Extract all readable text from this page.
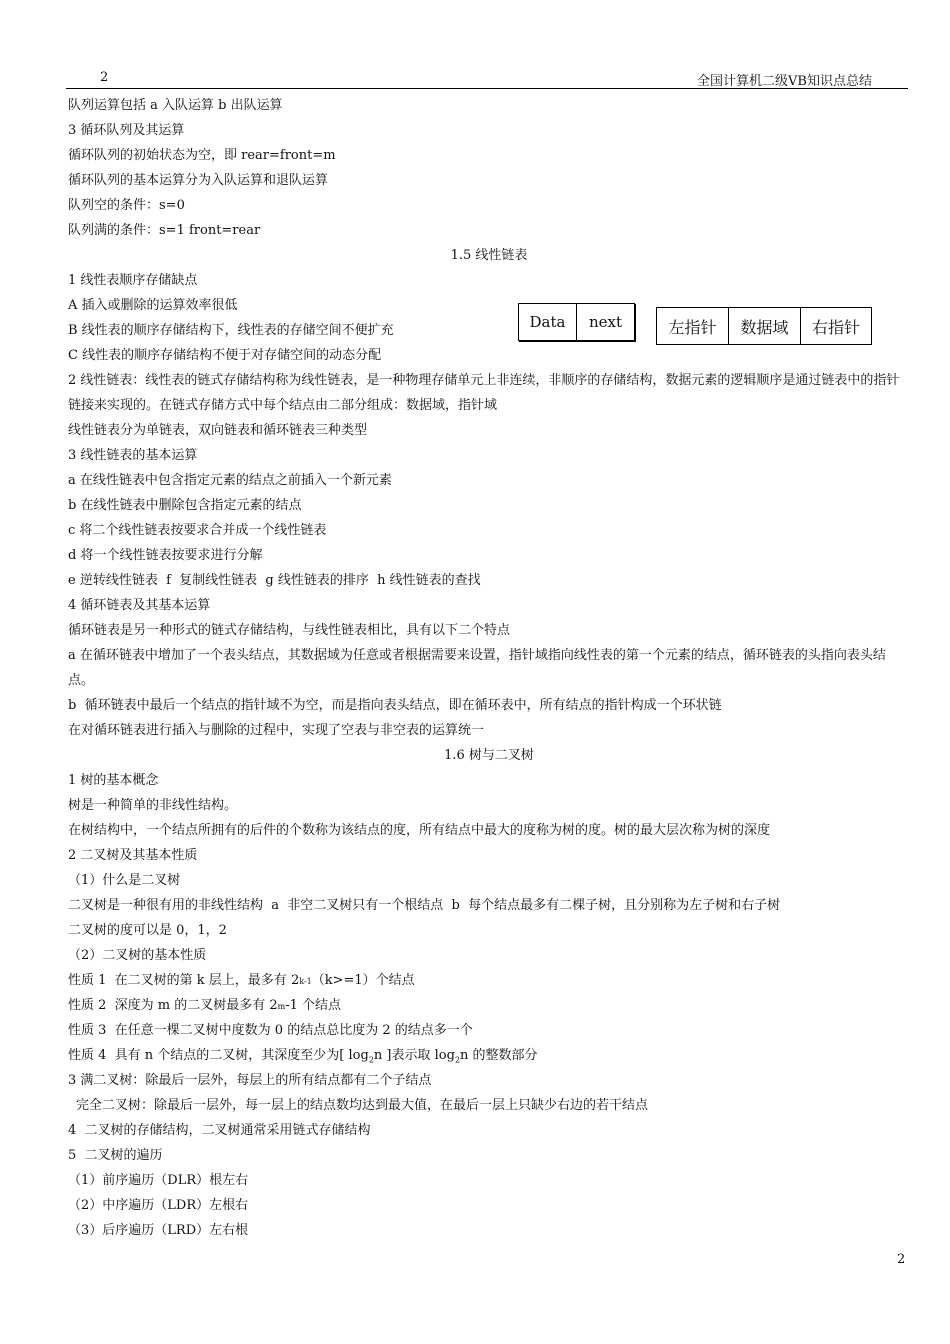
2	全国计算机二级VB知识点总结
队列运算包括 a 入队运算 b 出队运算
3 循环队列及其运算
循环队列的初始状态为空，即 rear=front=m
循环队列的基本运算分为入队运算和退队运算
队列空的条件：s=0
队列满的条件：s=1 front=rear
1.5 线性链表
1 线性表顺序存储缺点
A 插入或删除的运算效率很低
B 线性表的顺序存储结构下，线性表的存储空间不便扩充
C 线性表的顺序存储结构不便于对存储空间的动态分配
2 线性链表：线性表的链式存储结构称为线性链表，是一种物理存储单元上非连续，非顺序的存储结构，数据元素的逻辑顺序是通过链表中的指针链接来实现的。在链式存储方式中每个结点由二部分组成：数据域，指针域
线性链表分为单链表，双向链表和循环链表三种类型
3 线性链表的基本运算
a 在线性链表中包含指定元素的结点之前插入一个新元素
b 在线性链表中删除包含指定元素的结点
c 将二个线性链表按要求合并成一个线性链表
d 将一个线性链表按要求进行分解
e 逆转线性链表  f  复制线性链表  g 线性链表的排序  h 线性链表的查找
4 循环链表及其基本运算
循环链表是另一种形式的链式存储结构，与线性链表相比，具有以下二个特点
a 在循环链表中增加了一个表头结点，其数据域为任意或者根据需要来设置，指针域指向线性表的第一个元素的结点，循环链表的头指向表头结点。
b  循环链表中最后一个结点的指针域不为空，而是指向表头结点，即在循环表中，所有结点的指针构成一个环状链
在对循环链表进行插入与删除的过程中，实现了空表与非空表的运算统一
1.6 树与二叉树
1 树的基本概念
树是一种简单的非线性结构。
在树结构中，一个结点所拥有的后件的个数称为该结点的度，所有结点中最大的度称为树的度。树的最大层次称为树的深度
2 二叉树及其基本性质
（1）什么是二叉树
二叉树是一种很有用的非线性结构  a  非空二叉树只有一个根结点  b  每个结点最多有二棵子树，且分别称为左子树和右子树
二叉树的度可以是 0，1，2
（2）二叉树的基本性质
性质 1  在二叉树的第 k 层上，最多有 2k-1（k>=1）个结点
性质 2  深度为 m 的二叉树最多有 2m-1 个结点
性质 3  在任意一棵二叉树中度数为 0 的结点总比度为 2 的结点多一个
性质 4  具有 n 个结点的二叉树，其深度至少为[ $\log_2n$ ]表示取 $\log_2n$ 的整数部分
3 满二叉树：除最后一层外，每层上的所有结点都有二个子结点
完全二叉树：除最后一层外，每一层上的结点数均达到最大值，在最后一层上只缺少右边的若干结点
4  二叉树的存储结构，二叉树通常采用链式存储结构
5  二叉树的遍历
（1）前序遍历（DLR）根左右
（2）中序遍历（LDR）左根右
（3）后序遍历（LRD）左右根
Data	next	左指针	数据域	右指针
2
